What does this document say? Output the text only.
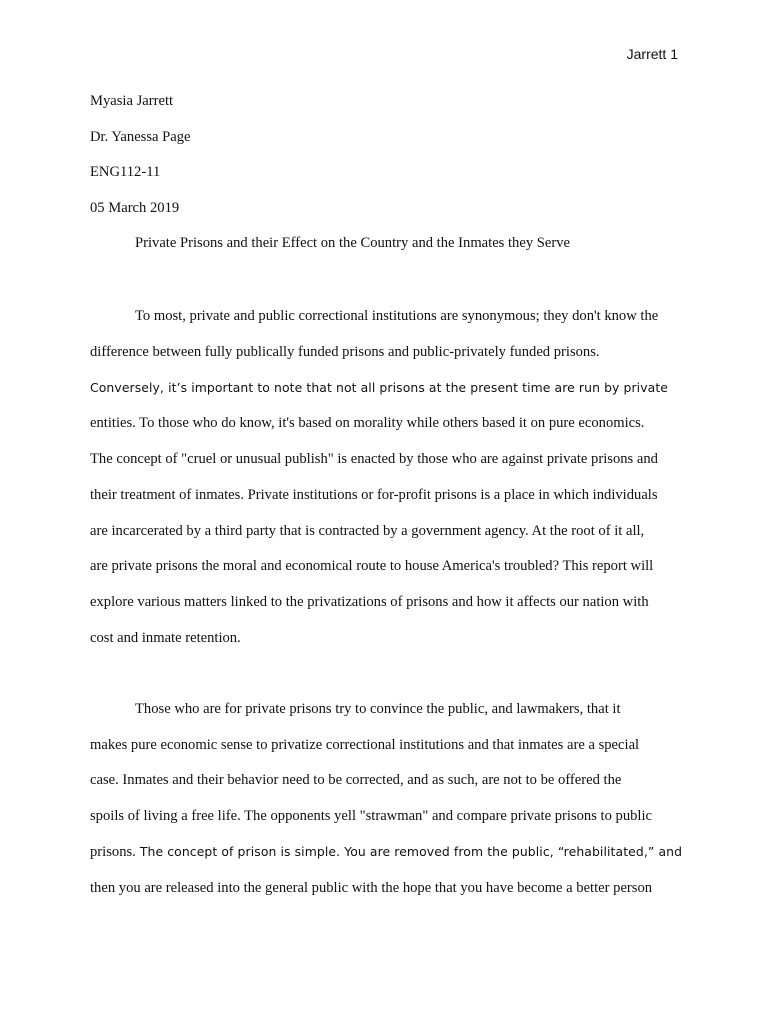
Jarrett 1
Myasia Jarrett
Dr. Yanessa Page
ENG112-11
05 March 2019
Private Prisons and their Effect on the Country and the Inmates they Serve
To most, private and public correctional institutions are synonymous; they don't know the
difference between fully publically funded prisons and public-privately funded prisons.
Conversely, it’s important to note that not all prisons at the present time are run by private
entities. To those who do know, it's based on morality while others based it on pure economics.
The concept of "cruel or unusual publish" is enacted by those who are against private prisons and
their treatment of inmates. Private institutions or for-profit prisons is a place in which individuals
are incarcerated by a third party that is contracted by a government agency. At the root of it all,
are private prisons the moral and economical route to house America's troubled? This report will
explore various matters linked to the privatizations of prisons and how it affects our nation with
cost and inmate retention.
Those who are for private prisons try to convince the public, and lawmakers, that it
makes pure economic sense to privatize correctional institutions and that inmates are a special
case. Inmates and their behavior need to be corrected, and as such, are not to be offered the
spoils of living a free life. The opponents yell "strawman" and compare private prisons to public
prisons. The concept of prison is simple. You are removed from the public, “rehabilitated,” and
then you are released into the general public with the hope that you have become a better person
